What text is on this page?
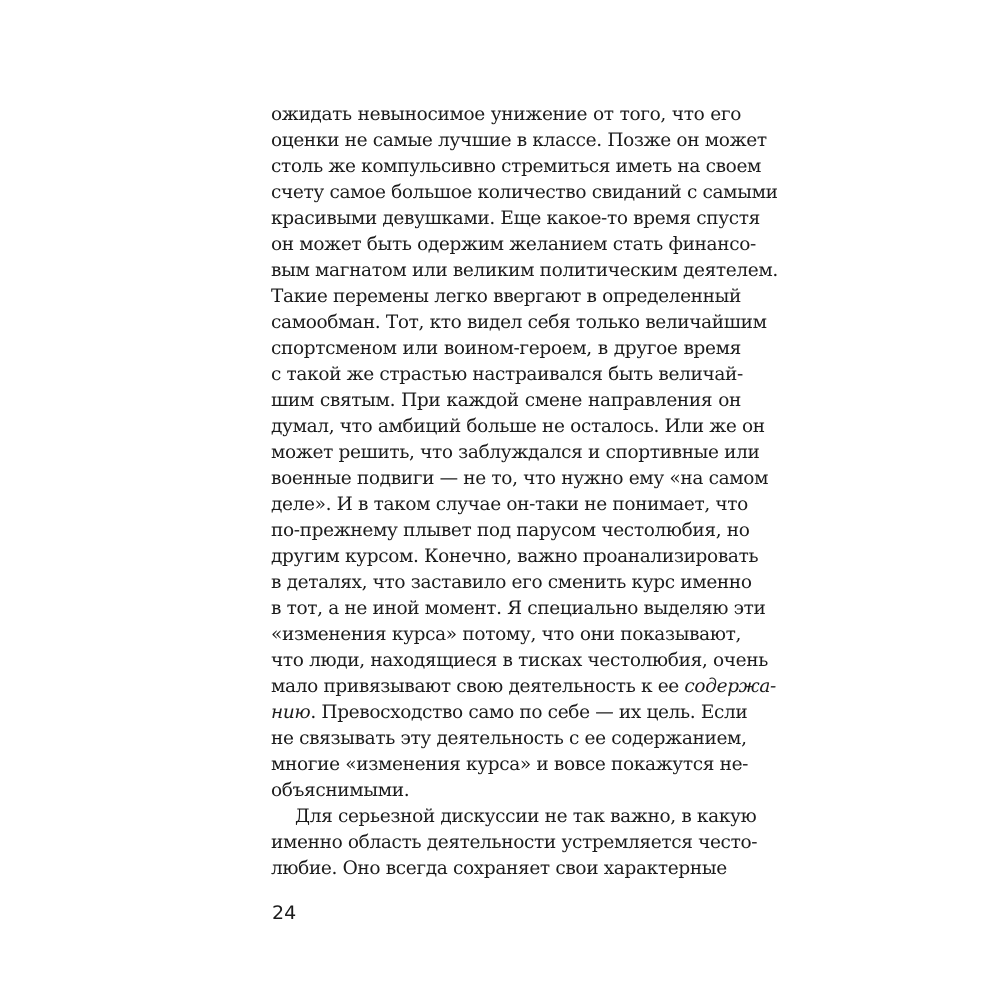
ожидать невыносимое унижение от того, что его
оценки не самые лучшие в классе. Позже он может
столь же компульсивно стремиться иметь на своем
счету самое большое количество свиданий с самыми
красивыми девушками. Еще какое-то время спустя
он может быть одержим желанием стать финансо-
вым магнатом или великим политическим деятелем.
Такие перемены легко ввергают в определенный
самообман. Тот, кто видел себя только величайшим
спортсменом или воином-героем, в другое время
с такой же страстью настраивался быть величай-
шим святым. При каждой смене направления он
думал, что амбиций больше не осталось. Или же он
может решить, что заблуждался и спортивные или
военные подвиги — не то, что нужно ему «на самом
деле». И в таком случае он-таки не понимает, что
по-прежнему плывет под парусом честолюбия, но
другим курсом. Конечно, важно проанализировать
в деталях, что заставило его сменить курс именно
в тот, а не иной момент. Я специально выделяю эти
«изменения курса» потому, что они показывают,
что люди, находящиеся в тисках честолюбия, очень
мало привязывают свою деятельность к ее содержа-
нию. Превосходство само по себе — их цель. Если
не связывать эту деятельность с ее содержанием,
многие «изменения курса» и вовсе покажутся не-
объяснимыми.
Для серьезной дискуссии не так важно, в какую
именно область деятельности устремляется често-
любие. Оно всегда сохраняет свои характерные
24
